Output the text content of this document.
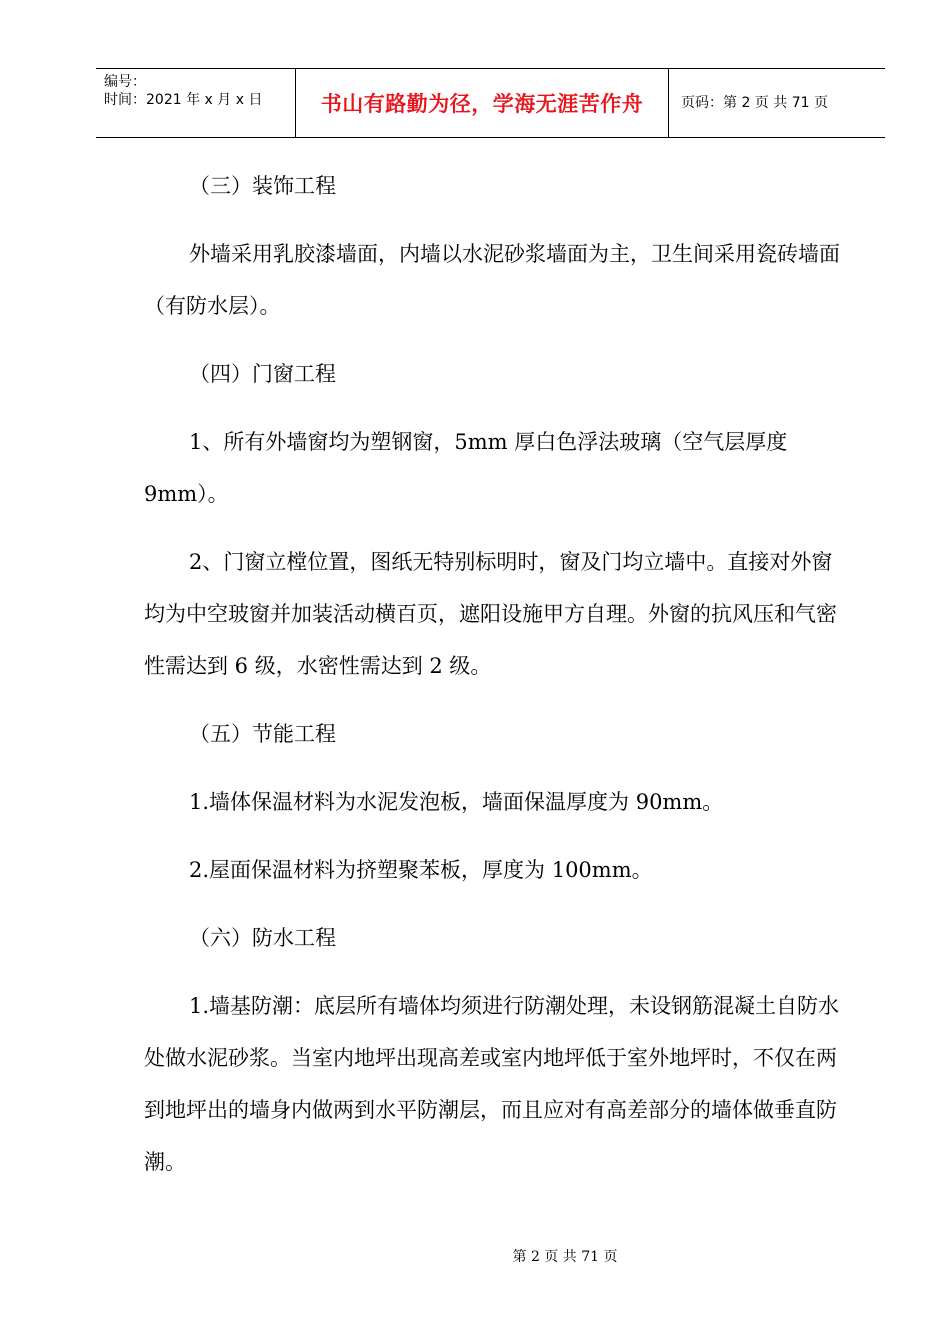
编号：
时间：2021 年 x 月 x 日	书山有路勤为径，学海无涯苦作舟	页码：第 2 页 共 71 页

（三）装饰工程

外墙采用乳胶漆墙面，内墙以水泥砂浆墙面为主，卫生间采用瓷砖墙面（有防水层）。

（四）门窗工程

1、所有外墙窗均为塑钢窗，5mm 厚白色浮法玻璃（空气层厚度 9mm）。

2、门窗立樘位置，图纸无特别标明时，窗及门均立墙中。直接对外窗均为中空玻窗并加装活动横百页，遮阳设施甲方自理。外窗的抗风压和气密性需达到 6 级，水密性需达到 2 级。

（五）节能工程

1.墙体保温材料为水泥发泡板，墙面保温厚度为 90mm。

2.屋面保温材料为挤塑聚苯板，厚度为 100mm。

（六）防水工程

1.墙基防潮：底层所有墙体均须进行防潮处理，未设钢筋混凝土自防水处做水泥砂浆。当室内地坪出现高差或室内地坪低于室外地坪时，不仅在两到地坪出的墙身内做两到水平防潮层，而且应对有高差部分的墙体做垂直防潮。

第 2 页 共 71 页
